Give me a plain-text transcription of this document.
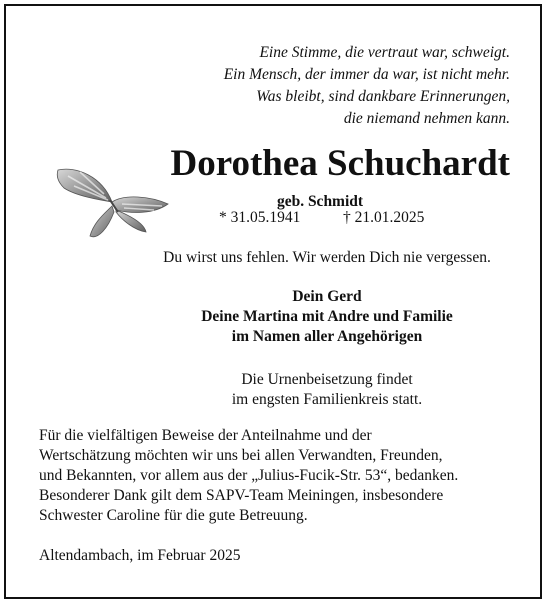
Eine Stimme, die vertraut war, schweigt.
Ein Mensch, der immer da war, ist nicht mehr.
Was bleibt, sind dankbare Erinnerungen,
die niemand nehmen kann.
Dorothea Schuchardt
geb. Schmidt
* 31.05.1941	† 21.01.2025
Du wirst uns fehlen. Wir werden Dich nie vergessen.
Dein Gerd
Deine Martina mit Andre und Familie
im Namen aller Angehörigen
Die Urnenbeisetzung findet
im engsten Familienkreis statt.
Für die vielfältigen Beweise der Anteilnahme und der
Wertschätzung möchten wir uns bei allen Verwandten, Freunden,
und Bekannten, vor allem aus der „Julius-Fucik-Str. 53“, bedanken.
Besonderer Dank gilt dem SAPV-Team Meiningen, insbesondere
Schwester Caroline für die gute Betreuung.
Altendambach, im Februar 2025
